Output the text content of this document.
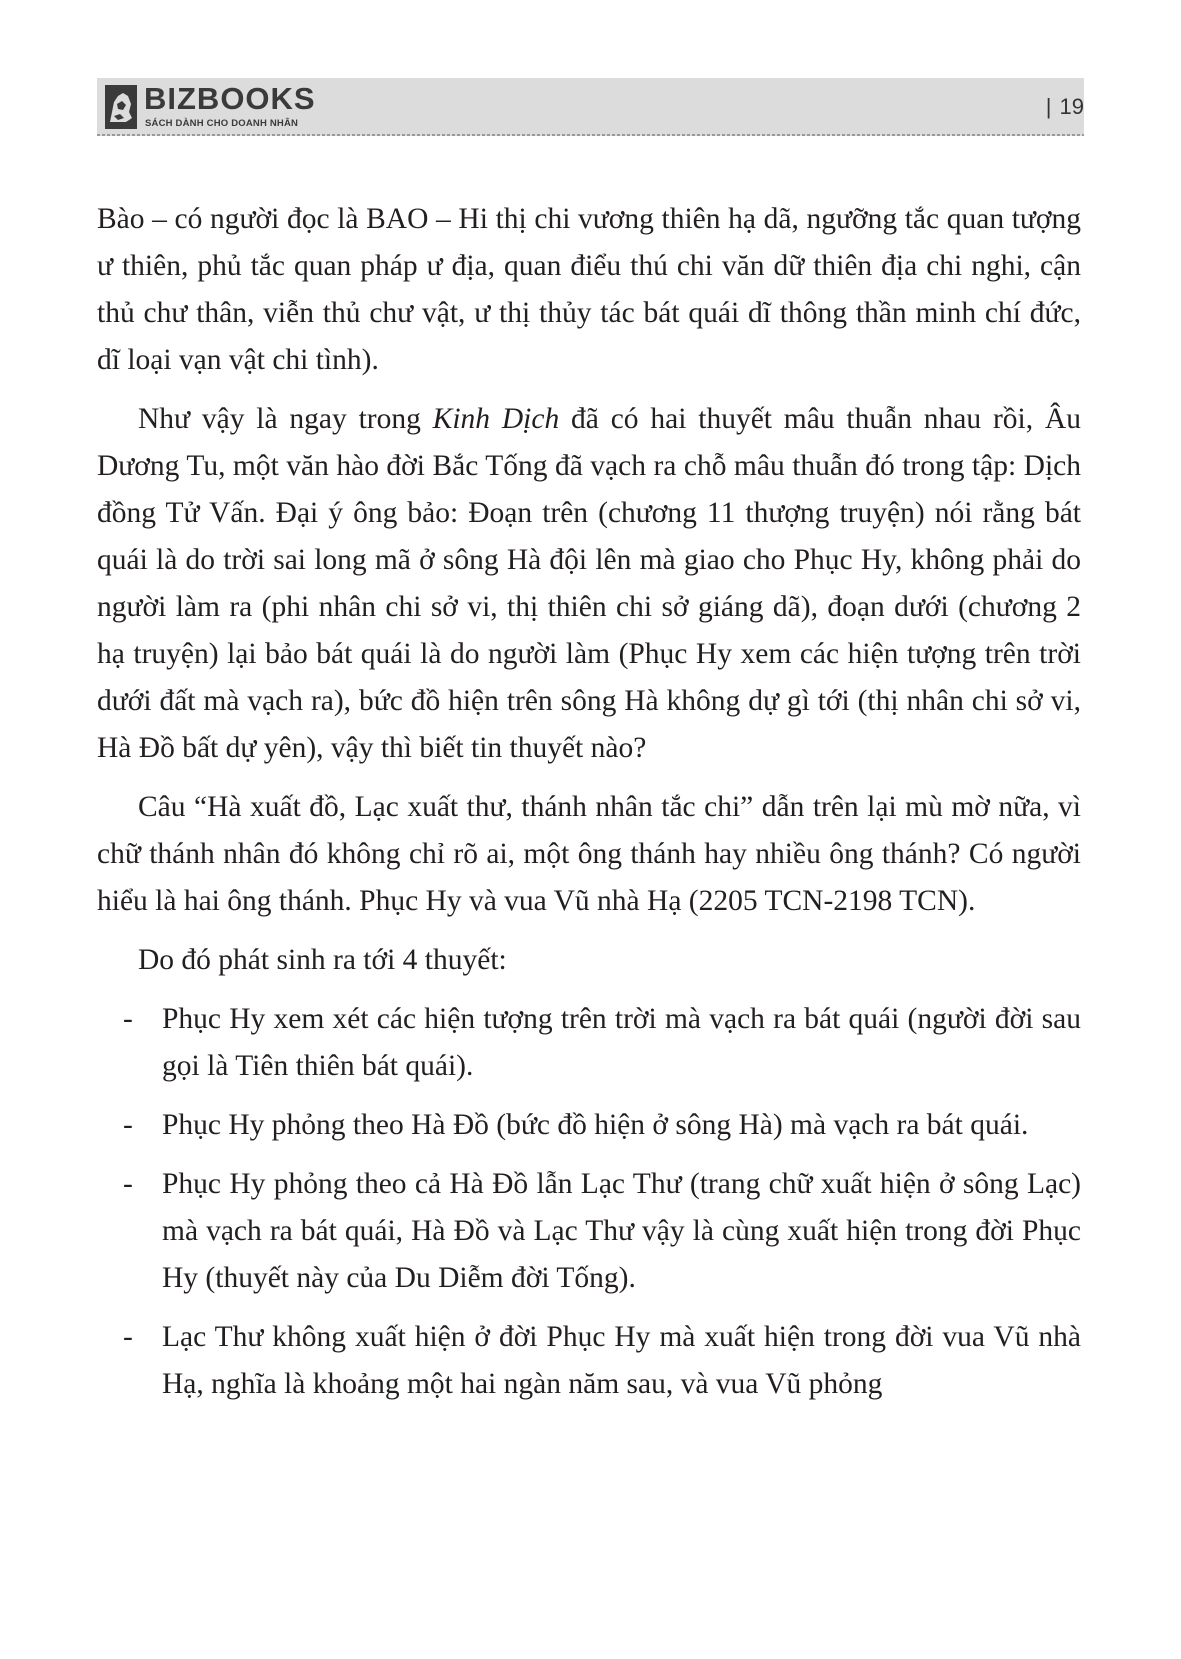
BIZBOOKS
SÁCH DÀNH CHO DOANH NHÂN
| 19

Bào – có người đọc là BAO – Hi thị chi vương thiên hạ dã, ngưỡng tắc quan tượng ư thiên, phủ tắc quan pháp ư địa, quan điểu thú chi văn dữ thiên địa chi nghi, cận thủ chư thân, viễn thủ chư vật, ư thị thủy tác bát quái dĩ thông thần minh chí đức, dĩ loại vạn vật chi tình).

Như vậy là ngay trong Kinh Dịch đã có hai thuyết mâu thuẫn nhau rồi, Âu Dương Tu, một văn hào đời Bắc Tống đã vạch ra chỗ mâu thuẫn đó trong tập: Dịch đồng Tử Vấn. Đại ý ông bảo: Đoạn trên (chương 11 thượng truyện) nói rằng bát quái là do trời sai long mã ở sông Hà đội lên mà giao cho Phục Hy, không phải do người làm ra (phi nhân chi sở vi, thị thiên chi sở giáng dã), đoạn dưới (chương 2 hạ truyện) lại bảo bát quái là do người làm (Phục Hy xem các hiện tượng trên trời dưới đất mà vạch ra), bức đồ hiện trên sông Hà không dự gì tới (thị nhân chi sở vi, Hà Đồ bất dự yên), vậy thì biết tin thuyết nào?

Câu “Hà xuất đồ, Lạc xuất thư, thánh nhân tắc chi” dẫn trên lại mù mờ nữa, vì chữ thánh nhân đó không chỉ rõ ai, một ông thánh hay nhiều ông thánh? Có người hiểu là hai ông thánh. Phục Hy và vua Vũ nhà Hạ (2205 TCN-2198 TCN).

Do đó phát sinh ra tới 4 thuyết:

- Phục Hy xem xét các hiện tượng trên trời mà vạch ra bát quái (người đời sau gọi là Tiên thiên bát quái).
- Phục Hy phỏng theo Hà Đồ (bức đồ hiện ở sông Hà) mà vạch ra bát quái.
- Phục Hy phỏng theo cả Hà Đồ lẫn Lạc Thư (trang chữ xuất hiện ở sông Lạc) mà vạch ra bát quái, Hà Đồ và Lạc Thư vậy là cùng xuất hiện trong đời Phục Hy (thuyết này của Du Diễm đời Tống).
- Lạc Thư không xuất hiện ở đời Phục Hy mà xuất hiện trong đời vua Vũ nhà Hạ, nghĩa là khoảng một hai ngàn năm sau, và vua Vũ phỏng
